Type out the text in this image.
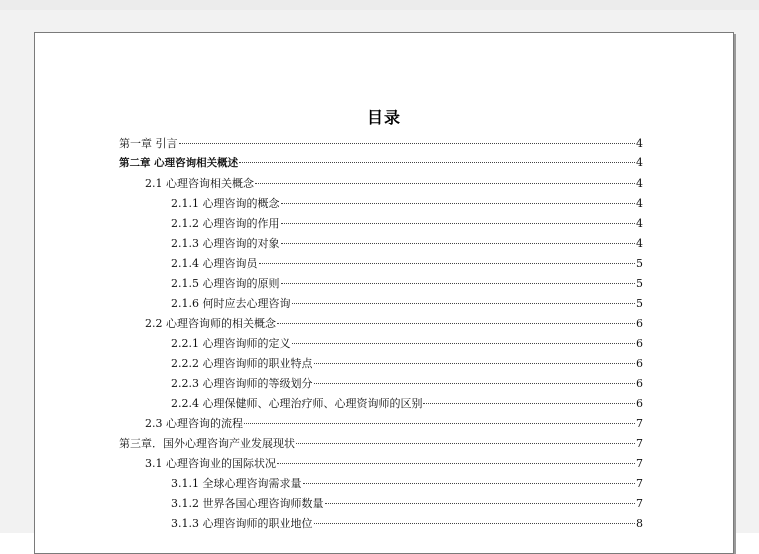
目录
第一章 引言	4
第二章 心理咨询相关概述	4
2.1 心理咨询相关概念	4
2.1.1 心理咨询的概念	4
2.1.2 心理咨询的作用	4
2.1.3 心理咨询的对象	4
2.1.4 心理咨询员	5
2.1.5 心理咨询的原则	5
2.1.6 何时应去心理咨询	5
2.2 心理咨询师的相关概念	6
2.2.1 心理咨询师的定义	6
2.2.2 心理咨询师的职业特点	6
2.2.3 心理咨询师的等级划分	6
2.2.4 心理保健师、心理治疗师、心理资询师的区别	6
2.3 心理咨询的流程	7
第三章．国外心理咨询产业发展现状	7
3.1 心理咨询业的国际状况	7
3.1.1 全球心理咨询需求量	7
3.1.2 世界各国心理咨询师数量	7
3.1.3 心理咨询师的职业地位	8
